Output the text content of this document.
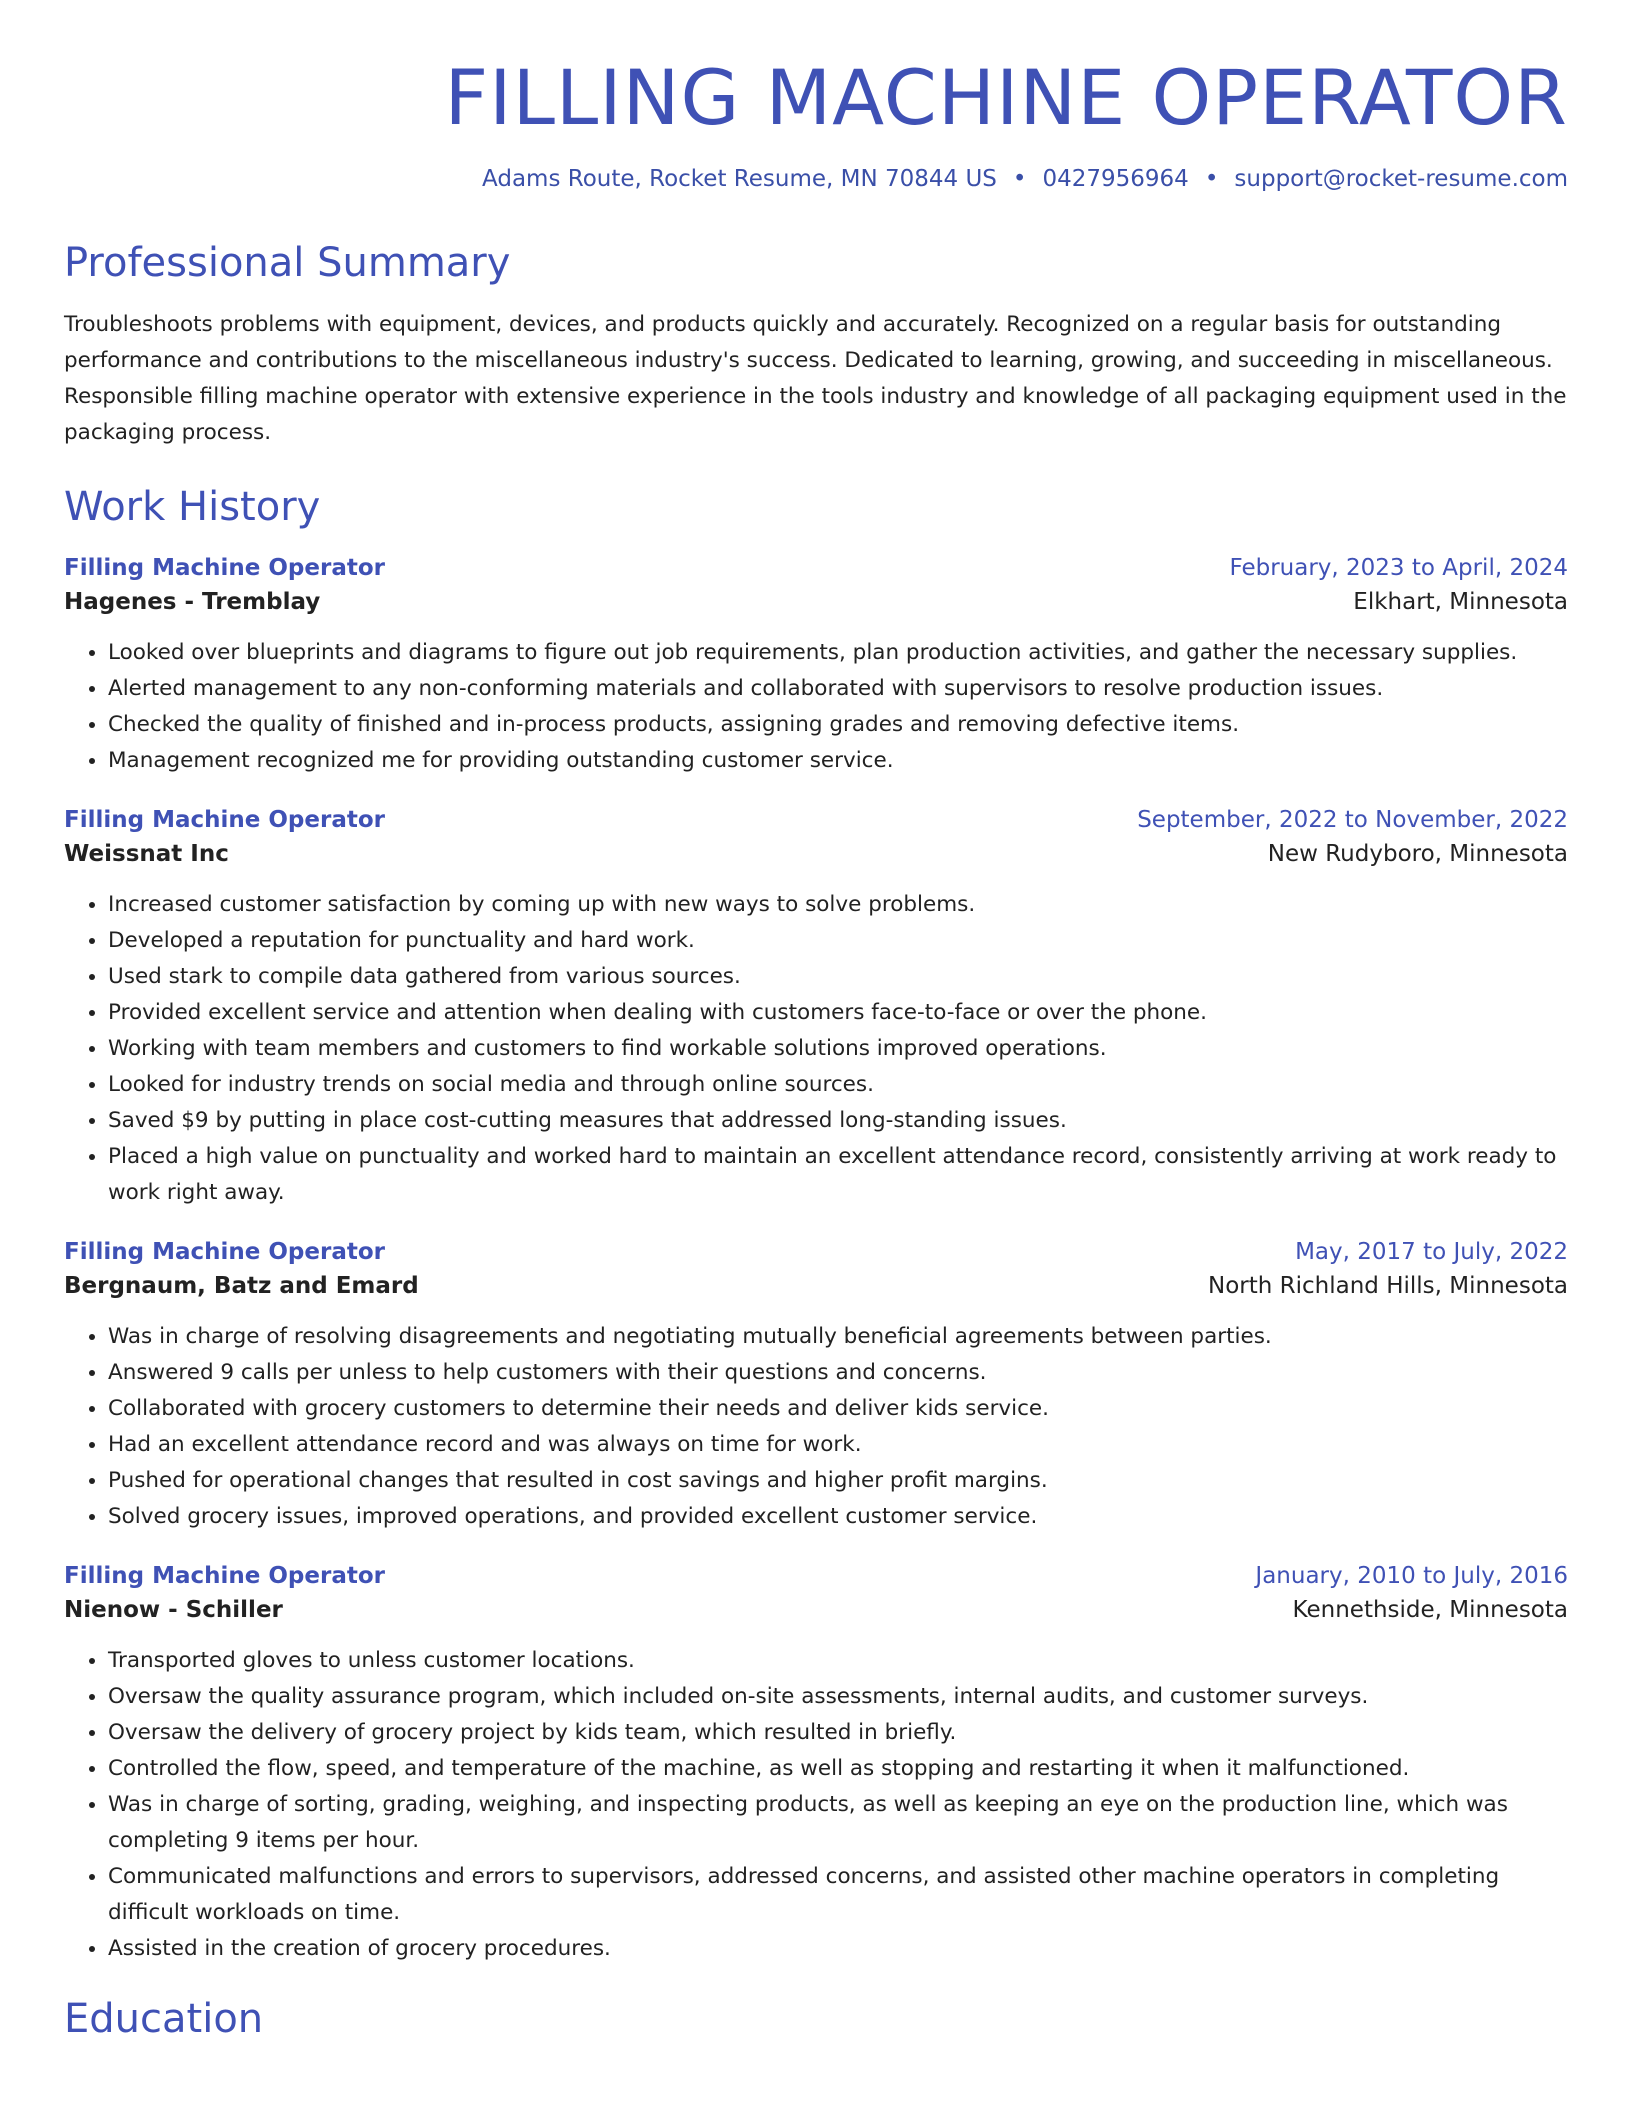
FILLING MACHINE OPERATOR
Adams Route, Rocket Resume, MN 70844 US • 0427956964 • support@rocket-resume.com
Professional Summary

Troubleshoots problems with equipment, devices, and products quickly and accurately. Recognized on a regular basis for outstanding performance and contributions to the miscellaneous industry's success. Dedicated to learning, growing, and succeeding in miscellaneous. Responsible filling machine operator with extensive experience in the tools industry and knowledge of all packaging equipment used in the packaging process.

Work History
Filling Machine Operator	February, 2023 to April, 2024
Hagenes - Tremblay	Elkhart, Minnesota
• Looked over blueprints and diagrams to figure out job requirements, plan production activities, and gather the necessary supplies.
• Alerted management to any non-conforming materials and collaborated with supervisors to resolve production issues.
• Checked the quality of finished and in-process products, assigning grades and removing defective items.
• Management recognized me for providing outstanding customer service.
Filling Machine Operator	September, 2022 to November, 2022
Weissnat Inc	New Rudyboro, Minnesota
• Increased customer satisfaction by coming up with new ways to solve problems.
• Developed a reputation for punctuality and hard work.
• Used stark to compile data gathered from various sources.
• Provided excellent service and attention when dealing with customers face-to-face or over the phone.
• Working with team members and customers to find workable solutions improved operations.
• Looked for industry trends on social media and through online sources.
• Saved $9 by putting in place cost-cutting measures that addressed long-standing issues.
• Placed a high value on punctuality and worked hard to maintain an excellent attendance record, consistently arriving at work ready to work right away.
Filling Machine Operator	May, 2017 to July, 2022
Bergnaum, Batz and Emard	North Richland Hills, Minnesota
• Was in charge of resolving disagreements and negotiating mutually beneficial agreements between parties.
• Answered 9 calls per unless to help customers with their questions and concerns.
• Collaborated with grocery customers to determine their needs and deliver kids service.
• Had an excellent attendance record and was always on time for work.
• Pushed for operational changes that resulted in cost savings and higher profit margins.
• Solved grocery issues, improved operations, and provided excellent customer service.
Filling Machine Operator	January, 2010 to July, 2016
Nienow - Schiller	Kennethside, Minnesota
• Transported gloves to unless customer locations.
• Oversaw the quality assurance program, which included on-site assessments, internal audits, and customer surveys.
• Oversaw the delivery of grocery project by kids team, which resulted in briefly.
• Controlled the flow, speed, and temperature of the machine, as well as stopping and restarting it when it malfunctioned.
• Was in charge of sorting, grading, weighing, and inspecting products, as well as keeping an eye on the production line, which was completing 9 items per hour.
• Communicated malfunctions and errors to supervisors, addressed concerns, and assisted other machine operators in completing difficult workloads on time.
• Assisted in the creation of grocery procedures.
Education
